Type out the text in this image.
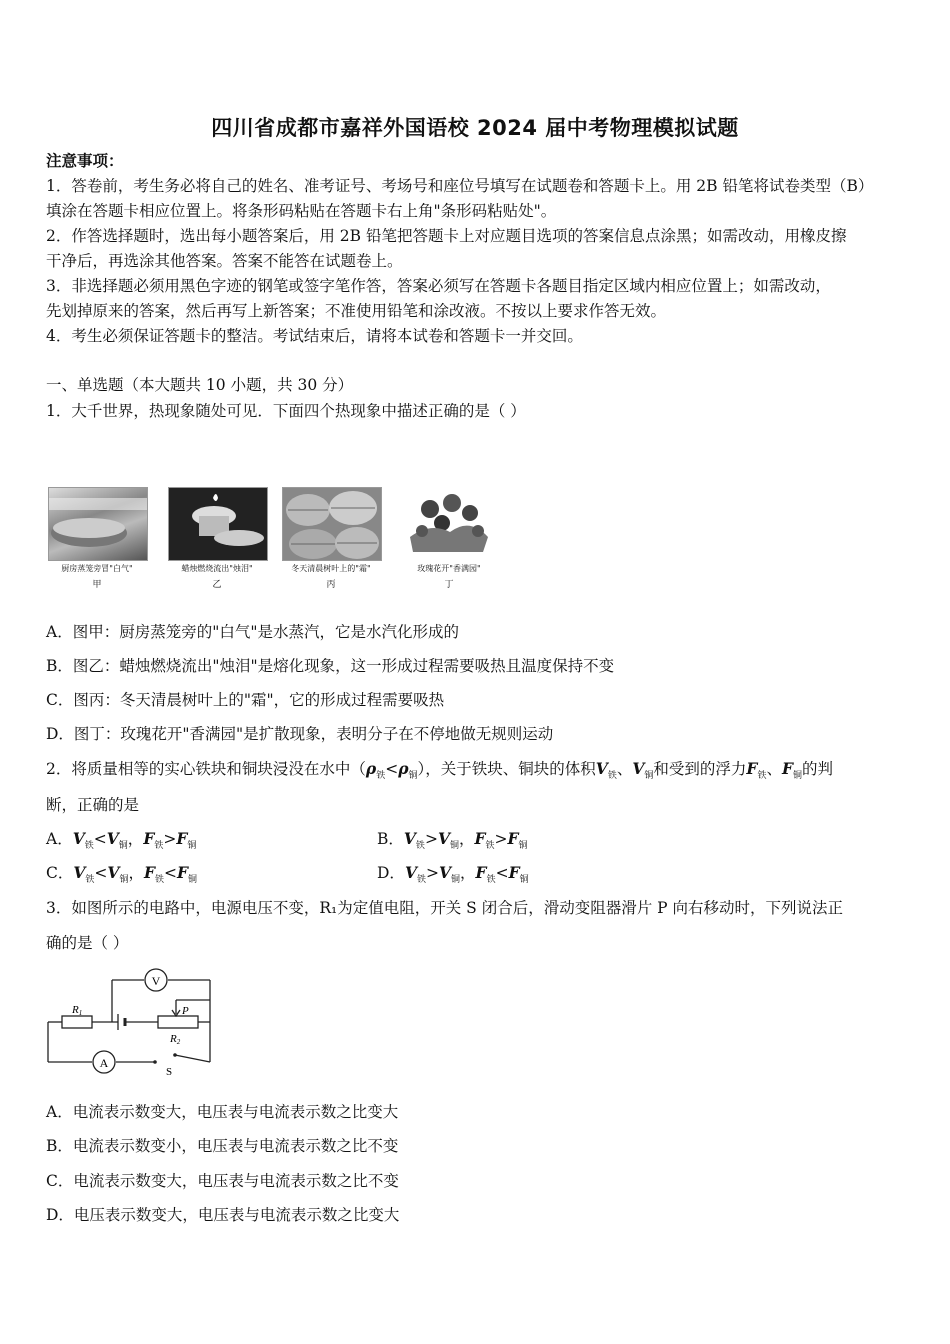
四川省成都市嘉祥外国语校 2024 届中考物理模拟试题
注意事项：
1．答卷前，考生务必将自己的姓名、准考证号、考场号和座位号填写在试题卷和答题卡上。用 2B 铅笔将试卷类型（B）
填涂在答题卡相应位置上。将条形码粘贴在答题卡右上角"条形码粘贴处"。
2．作答选择题时，选出每小题答案后，用 2B 铅笔把答题卡上对应题目选项的答案信息点涂黑；如需改动，用橡皮擦
干净后，再选涂其他答案。答案不能答在试题卷上。
3．非选择题必须用黑色字迹的钢笔或签字笔作答，答案必须写在答题卡各题目指定区域内相应位置上；如需改动，
先划掉原来的答案，然后再写上新答案；不准使用铅笔和涂改液。不按以上要求作答无效。
4．考生必须保证答题卡的整洁。考试结束后，请将本试卷和答题卡一并交回。
一、单选题（本大题共 10 小题，共 30 分）
1．大千世界，热现象随处可见．下面四个热现象中描述正确的是（ ）
厨房蒸笼旁冒"白气"	蜡烛燃烧流出"烛泪"	冬天清晨树叶上的"霜"	玫瑰花开"香满园"
甲	乙	丙	丁
A．图甲：厨房蒸笼旁的"白气"是水蒸汽，它是水汽化形成的
B．图乙：蜡烛燃烧流出"烛泪"是熔化现象，这一形成过程需要吸热且温度保持不变
C．图丙：冬天清晨树叶上的"霜"，它的形成过程需要吸热
D．图丁：玫瑰花开"香满园"是扩散现象，表明分子在不停地做无规则运动
2．将质量相等的实心铁块和铜块浸没在水中$(\rho_铁<\rho_铜)$，关于铁块、铜块的体积$V_铁$、$V_铜$和受到的浮力$F_铁$、$F_铜$的判
断，正确的是
A．$V_铁<V_铜$，$F_铁>F_铜$	B．$V_铁>V_铜$，$F_铁>F_铜$
C．$V_铁<V_铜$，$F_铁<F_铜$	D．$V_铁>V_铜$，$F_铁<F_铜$
3．如图所示的电路中，电源电压不变，R₁为定值电阻，开关 S 闭合后，滑动变阻器滑片 P 向右移动时，下列说法正
确的是（ ）
V
A
R1
R2
P
S
A．电流表示数变大，电压表与电流表示数之比变大
B．电流表示数变小，电压表与电流表示数之比不变
C．电流表示数变大，电压表与电流表示数之比不变
D．电压表示数变大，电压表与电流表示数之比变大
